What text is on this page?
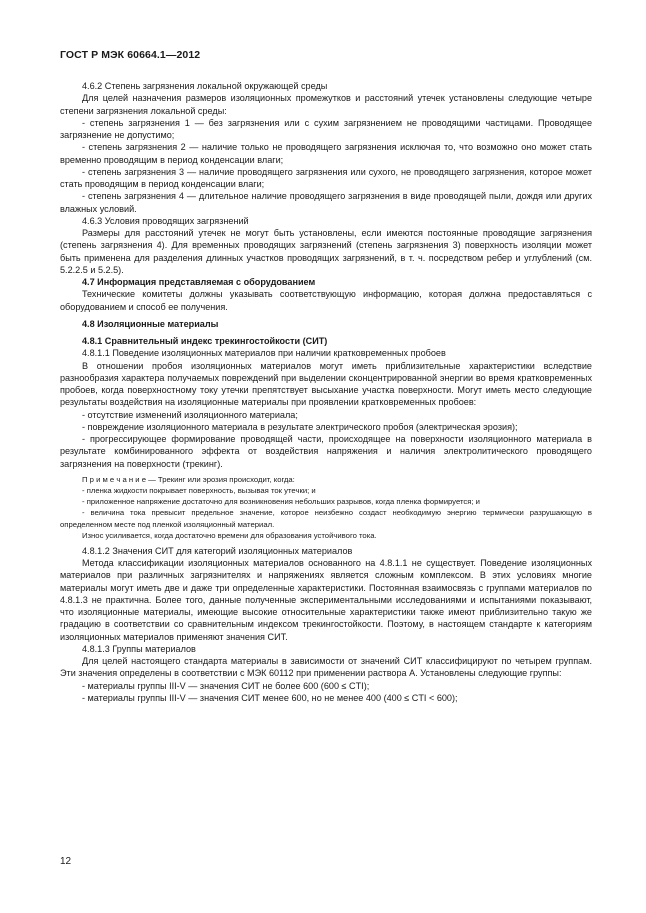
ГОСТ Р МЭК 60664.1—2012

4.6.2 Степень загрязнения локальной окружающей среды

Для целей назначения размеров изоляционных промежутков и расстояний утечек установлены следующие четыре степени загрязнения локальной среды:

- степень загрязнения 1 — без загрязнения или с сухим загрязнением не проводящими частицами. Проводящее загрязнение не допустимо;

- степень загрязнения 2 — наличие только не проводящего загрязнения исключая то, что возможно оно может стать временно проводящим в период конденсации влаги;

- степень загрязнения 3 — наличие проводящего загрязнения или сухого, не проводящего загрязнения, которое может стать проводящим в период конденсации влаги;

- степень загрязнения 4 — длительное наличие проводящего загрязнения в виде проводящей пыли, дождя или других влажных условий.

4.6.3 Условия проводящих загрязнений

Размеры для расстояний утечек не могут быть установлены, если имеются постоянные проводящие загрязнения (степень загрязнения 4). Для временных проводящих загрязнений (степень загрязнения 3) поверхность изоляции может быть применена для разделения длинных участков проводящих загрязнений, в т. ч. посредством ребер и углублений (см. 5.2.2.5 и 5.2.5).

4.7 Информация представляемая с оборудованием

Технические комитеты должны указывать соответствующую информацию, которая должна предоставляться с оборудованием и способ ее получения.

4.8 Изоляционные материалы

4.8.1 Сравнительный индекс трекингостойкости (СИТ)

4.8.1.1 Поведение изоляционных материалов при наличии кратковременных пробоев

В отношении пробоя изоляционных материалов могут иметь приблизительные характеристики вследствие разнообразия характера получаемых повреждений при выделении сконцентрированной энергии во время кратковременных пробоев, когда поверхностному току утечки препятствует высыхание участка поверхности. Могут иметь место следующие результаты воздействия на изоляционные материалы при проявлении кратковременных пробоев:

- отсутствие изменений изоляционного материала;

- повреждение изоляционного материала в результате электрического пробоя (электрическая эрозия);

- прогрессирующее формирование проводящей части, происходящее на поверхности изоляционного материала в результате комбинированного эффекта от воздействия напряжения и наличия электролитического проводящего загрязнения на поверхности (трекинг).

П р и м е ч а н и е — Трекинг или эрозия происходит, когда:

- пленка жидкости покрывает поверхность, вызывая ток утечки; и

- приложенное напряжение достаточно для возникновения небольших разрывов, когда пленка формируется; и

- величина тока превысит предельное значение, которое неизбежно создаст необходимую энергию термически разрушающую в определенном месте под пленкой изоляционный материал.

Износ усиливается, когда достаточно времени для образования устойчивого тока.

4.8.1.2 Значения СИТ для категорий изоляционных материалов

Метода классификации изоляционных материалов основанного на 4.8.1.1 не существует. Поведение изоляционных материалов при различных загрязнителях и напряжениях является сложным комплексом. В этих условиях многие материалы могут иметь две и даже три определенные характеристики. Постоянная взаимосвязь с группами материалов по 4.8.1.3 не практична. Более того, данные полученные экспериментальными исследованиями и испытаниями показывают, что изоляционные материалы, имеющие высокие относительные характеристики также имеют приблизительно такую же градацию в соответствии со сравнительным индексом трекингостойкости. Поэтому, в настоящем стандарте к категориям изоляционных материалов применяют значения СИТ.

4.8.1.3 Группы материалов

Для целей настоящего стандарта материалы в зависимости от значений СИТ классифицируют по четырем группам. Эти значения определены в соответствии с МЭК 60112 при применении раствора А. Установлены следующие группы:

- материалы группы III-V — значения СИТ не более 600 (600 ≤ CTI);

- материалы группы III-V — значения СИТ менее 600, но не менее 400 (400 ≤ CTI < 600);

12
